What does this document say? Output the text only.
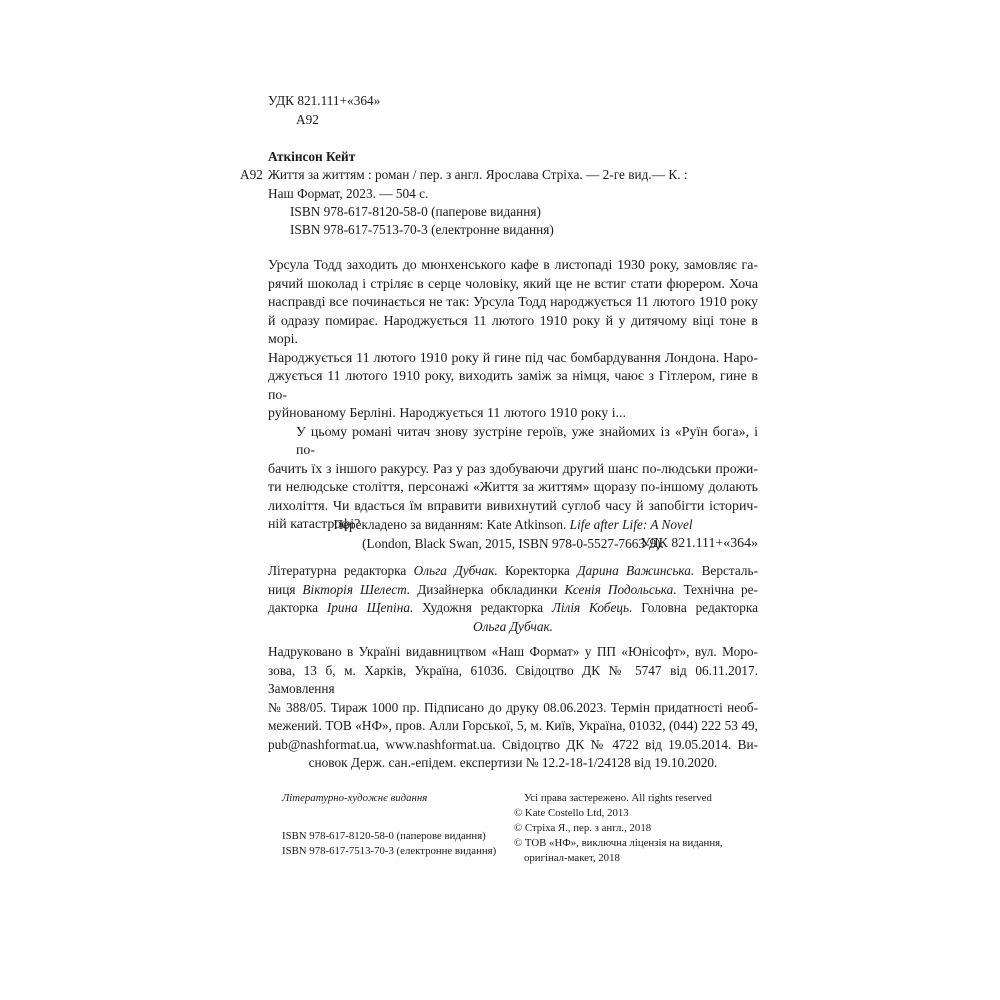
УДК 821.111+«364»
А92
Аткінсон Кейт
А92 Життя за життям : роман / пер. з англ. Ярослава Стріха. — 2-ге вид.— К. :
Наш Формат, 2023. — 504 с.
ISBN 978-617-8120-58-0 (паперове видання)
ISBN 978-617-7513-70-3 (електронне видання)
Урсула Тодд заходить до мюнхенського кафе в листопаді 1930 року, замовляє га-
рячий шоколад і стріляє в серце чоловіку, який ще не встиг стати фюрером. Хоча
насправді все починається не так: Урсула Тодд народжується 11 лютого 1910 року
й одразу помирає. Народжується 11 лютого 1910 року й у дитячому віці тоне в морі.
Народжується 11 лютого 1910 року й гине під час бомбардування Лондона. Наро-
джується 11 лютого 1910 року, виходить заміж за німця, чаює з Гітлером, гине в по-
руйнованому Берліні. Народжується 11 лютого 1910 року і...
У цьому романі читач знову зустріне героїв, уже знайомих із «Руїн бога», і по-
бачить їх з іншого ракурсу. Раз у раз здобуваючи другий шанс по-людськи прожи-
ти нелюдське століття, персонажі «Життя за життям» щоразу по-іншому долають
лихоліття. Чи вдасться їм вправити вивихнутий суглоб часу й запобігти історич-
ній катастрофі?
УДК 821.111+«364»
Перекладено за виданням: Kate Atkinson. Life after Life: A Novel
(London, Black Swan, 2015, ISBN 978-0-5527-7663-9).
Літературна редакторка Ольга Дубчак. Коректорка Дарина Важинська. Версталь-
ниця Вікторія Шелест. Дизайнерка обкладинки Ксенія Подольська. Технічна ре-
дакторка Ірина Щепіна. Художня редакторка Лілія Кобець. Головна редакторка
Ольга Дубчак.
Надруковано в Україні видавництвом «Наш Формат» у ПП «Юнісофт», вул. Моро-
зова, 13 б, м. Харків, Україна, 61036. Свідоцтво ДК № 5747 від 06.11.2017. Замовлення
№ 388/05. Тираж 1000 пр. Підписано до друку 08.06.2023. Термін придатності необ-
межений. ТОВ «НФ», пров. Алли Горської, 5, м. Київ, Україна, 01032, (044) 222 53 49,
pub@nashformat.ua, www.nashformat.ua. Свідоцтво ДК № 4722 від 19.05.2014. Ви-
сновок Держ. сан.-епідем. експертизи № 12.2-18-1/24128 від 19.10.2020.
Літературно-художнє видання
ISBN 978-617-8120-58-0 (паперове видання)
ISBN 978-617-7513-70-3 (електронне видання)
Усі права застережено. All rights reserved
© Kate Costello Ltd, 2013
© Стріха Я., пер. з англ., 2018
© ТОВ «НФ», виключна ліцензія на видання,
оригінал-макет, 2018
